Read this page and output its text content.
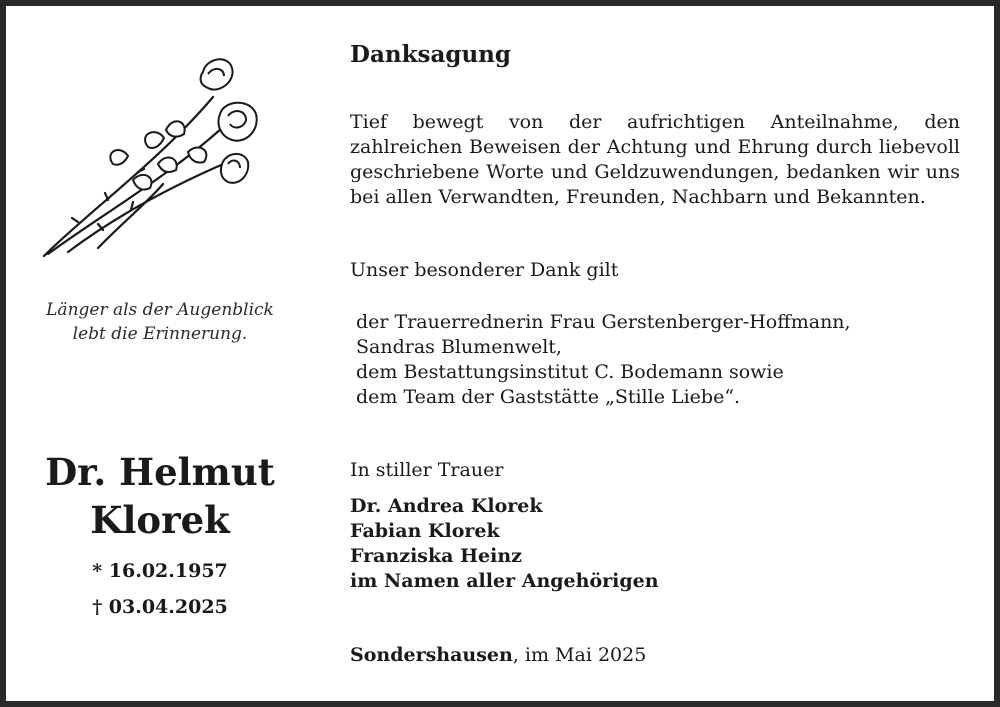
Länger als der Augenblick
lebt die Erinnerung.
Dr. Helmut
Klorek
* 16.02.1957
† 03.04.2025
Danksagung
Tief bewegt von der aufrichtigen Anteilnahme, den zahlreichen Beweisen der Achtung und Ehrung durch liebevoll geschriebene Worte und Geldzuwendungen, bedanken wir uns bei allen Verwandten, Freunden, Nachbarn und Bekannten.
Unser besonderer Dank gilt
der Trauerrednerin Frau Gerstenberger-Hoffmann,
Sandras Blumenwelt,
dem Bestattungsinstitut C. Bodemann sowie
dem Team der Gaststätte „Stille Liebe“.
In stiller Trauer
Dr. Andrea Klorek
Fabian Klorek
Franziska Heinz
im Namen aller Angehörigen
Sondershausen, im Mai 2025
